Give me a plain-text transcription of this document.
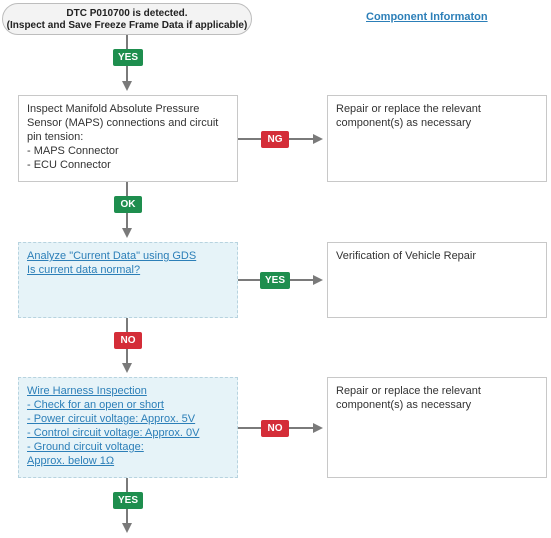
DTC P010700 is detected.
(Inspect and Save Freeze Frame Data if applicable)
Component Informaton
Inspect Manifold Absolute Pressure
Sensor (MAPS) connections and circuit
pin tension:
- MAPS Connector
- ECU Connector
Repair or replace the relevant
component(s) as necessary
Analyze "Current Data" using GDS
Is current data normal?
Verification of Vehicle Repair
Wire Harness Inspection
- Check for an open or short
- Power circuit voltage: Approx. 5V
- Control circuit voltage: Approx. 0V
- Ground circuit voltage:
Approx. below 1Ω
Repair or replace the relevant
component(s) as necessary
YES
NG
OK
YES
NO
NO
YES
